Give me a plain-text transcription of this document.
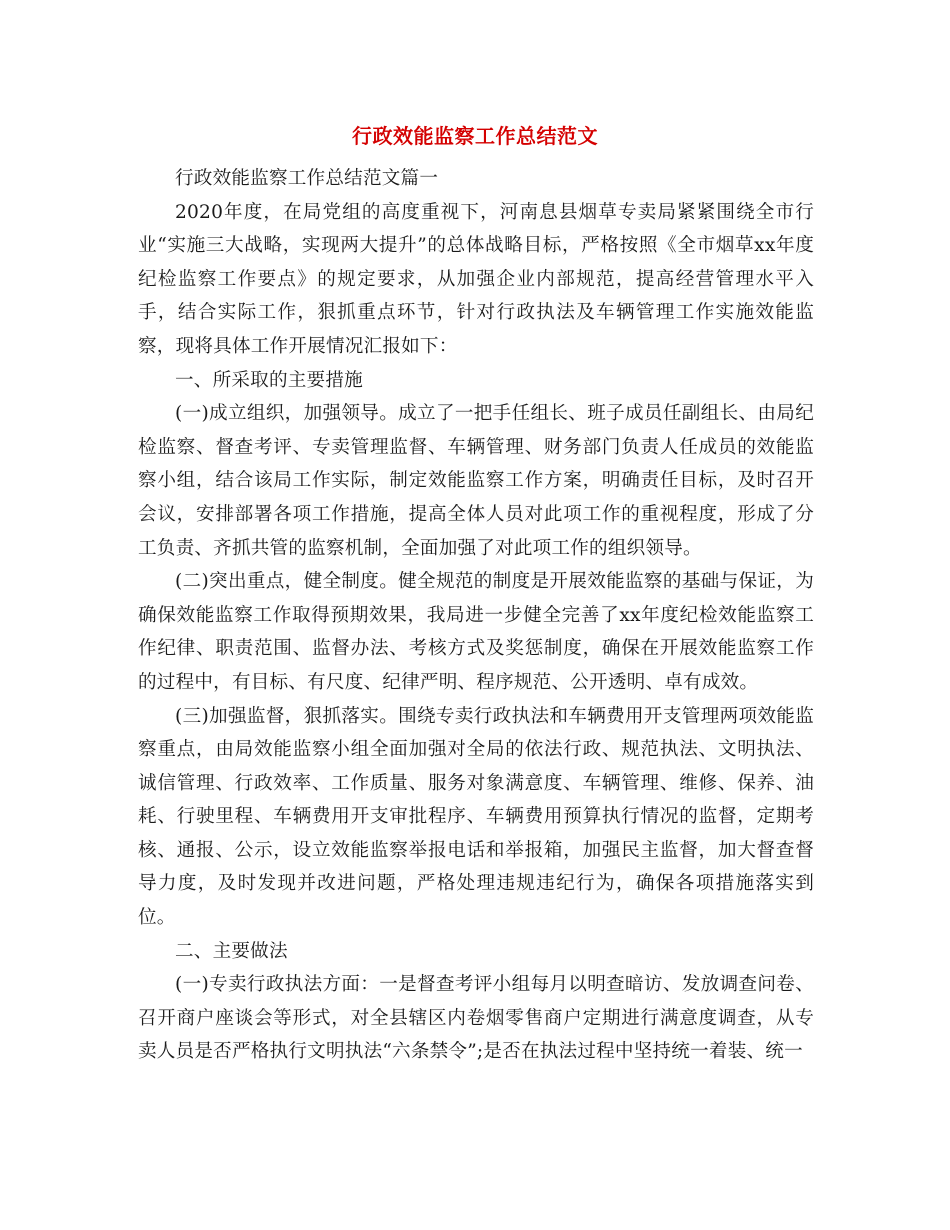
行政效能监察工作总结范文

行政效能监察工作总结范文篇一

2020年度，在局党组的高度重视下，河南息县烟草专卖局紧紧围绕全市行业“实施三大战略，实现两大提升”的总体战略目标，严格按照《全市烟草xx年度纪检监察工作要点》的规定要求，从加强企业内部规范，提高经营管理水平入手，结合实际工作，狠抓重点环节，针对行政执法及车辆管理工作实施效能监察，现将具体工作开展情况汇报如下：

一、所采取的主要措施

(一)成立组织，加强领导。成立了一把手任组长、班子成员任副组长、由局纪检监察、督查考评、专卖管理监督、车辆管理、财务部门负责人任成员的效能监察小组，结合该局工作实际，制定效能监察工作方案，明确责任目标，及时召开会议，安排部署各项工作措施，提高全体人员对此项工作的重视程度，形成了分工负责、齐抓共管的监察机制，全面加强了对此项工作的组织领导。

(二)突出重点，健全制度。健全规范的制度是开展效能监察的基础与保证，为确保效能监察工作取得预期效果，我局进一步健全完善了xx年度纪检效能监察工作纪律、职责范围、监督办法、考核方式及奖惩制度，确保在开展效能监察工作的过程中，有目标、有尺度、纪律严明、程序规范、公开透明、卓有成效。

(三)加强监督，狠抓落实。围绕专卖行政执法和车辆费用开支管理两项效能监察重点，由局效能监察小组全面加强对全局的依法行政、规范执法、文明执法、诚信管理、行政效率、工作质量、服务对象满意度、车辆管理、维修、保养、油耗、行驶里程、车辆费用开支审批程序、车辆费用预算执行情况的监督，定期考核、通报、公示，设立效能监察举报电话和举报箱，加强民主监督，加大督查督导力度，及时发现并改进问题，严格处理违规违纪行为，确保各项措施落实到位。

二、主要做法

(一)专卖行政执法方面：一是督查考评小组每月以明查暗访、发放调查问卷、召开商户座谈会等形式，对全县辖区内卷烟零售商户定期进行满意度调查，从专卖人员是否严格执行文明执法“六条禁令”;是否在执法过程中坚持统一着装、统一
